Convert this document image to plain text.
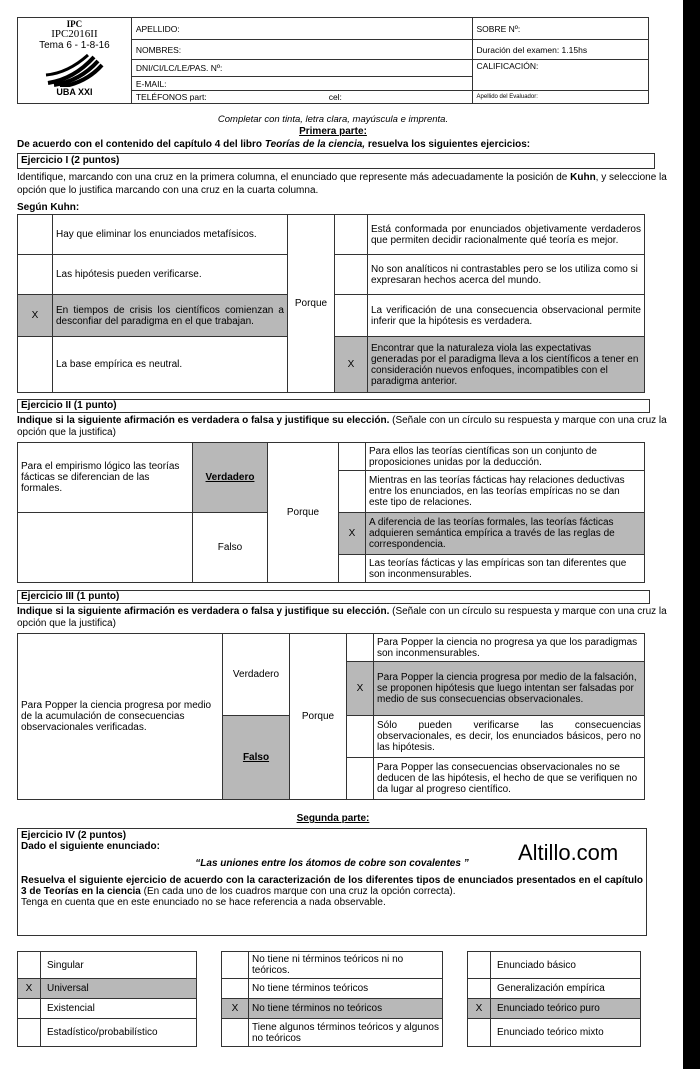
IPC
IPC2016II
Tema 6 - 1-8-16
UBA XXI	APELLIDO:	SOBRE Nº:
	NOMBRES:	Duración del examen: 1.15hs
	DNI/CI/LC/LE/PAS. Nº:	CALIFICACIÓN:
	E-MAIL:	
	TELÉFONOS part: cel:	Apellido del Evaluador:
Completar con tinta, letra clara, mayúscula e imprenta.
Primera parte:
De acuerdo con el contenido del capítulo 4 del libro Teorías de la ciencia, resuelva los siguientes ejercicios:
Ejercicio I (2 puntos)
Identifique, marcando con una cruz en la primera columna, el enunciado que represente más adecuadamente la posición de Kuhn, y seleccione la opción que lo justifica marcando con una cruz en la cuarta columna.
Según Kuhn:
	Hay que eliminar los enunciados metafísicos.	Porque		Está conformada por enunciados objetivamente verdaderos que permiten decidir racionalmente qué teoría es mejor.
	Las hipótesis pueden verificarse.			No son analíticos ni contrastables pero se los utiliza como si expresaran hechos acerca del mundo.
X	En tiempos de crisis los científicos comienzan a desconfiar del paradigma en el que trabajan.			La verificación de una consecuencia observacional permite inferir que la hipótesis es verdadera.
	La base empírica es neutral.		X	Encontrar que la naturaleza viola las expectativas generadas por el paradigma lleva a los científicos a tener en consideración nuevos enfoques, incompatibles con el paradigma anterior.
Ejercicio II (1 punto)
Indique si la siguiente afirmación es verdadera o falsa y justifique su elección. (Señale con un círculo su respuesta y marque con una cruz la opción que la justifica)
Para el empirismo lógico las teorías fácticas se diferencian de las formales.	Verdadero	Porque		Para ellos las teorías científicas son un conjunto de proposiciones unidas por la deducción.
				Mientras en las teorías fácticas hay relaciones deductivas entre los enunciados, en las teorías empíricas no se dan este tipo de relaciones.
	Falso		X	A diferencia de las teorías formales, las teorías fácticas adquieren semántica empírica a través de las reglas de correspondencia.
				Las teorías fácticas y las empíricas son tan diferentes que son inconmensurables.
Ejercicio III (1 punto)
Indique si la siguiente afirmación es verdadera o falsa y justifique su elección. (Señale con un círculo su respuesta y marque con una cruz la opción que la justifica)
Para Popper la ciencia progresa por medio de la acumulación de consecuencias observacionales verificadas.	Verdadero	Porque		Para Popper la ciencia no progresa ya que los paradigmas son inconmensurables.
			X	Para Popper la ciencia progresa por medio de la falsación, se proponen hipótesis que luego intentan ser falsadas por medio de sus consecuencias observacionales.
	Falso			Sólo pueden verificarse las consecuencias observacionales, es decir, los enunciados básicos, pero no las hipótesis.
				Para Popper las consecuencias observacionales no se deducen de las hipótesis, el hecho de que se verifiquen no da lugar al progreso científico.
Segunda parte:
Ejercicio IV (2 puntos)
Dado el siguiente enunciado:
“Las uniones entre los átomos de cobre son covalentes ”
Resuelva el siguiente ejercicio de acuerdo con la caracterización de los diferentes tipos de enunciados presentados en el capítulo 3 de Teorías en la ciencia (En cada uno de los cuadros marque con una cruz la opción correcta).
Tenga en cuenta que en este enunciado no se hace referencia a nada observable.
Altillo.com
	Singular
X	Universal
	Existencial
	Estadístico/probabilístico
	No tiene ni términos teóricos ni no teóricos.
	No tiene términos teóricos
X	No tiene términos no teóricos
	Tiene algunos términos teóricos y algunos no teóricos
	Enunciado básico
	Generalización empírica
X	Enunciado teórico puro
	Enunciado teórico mixto
